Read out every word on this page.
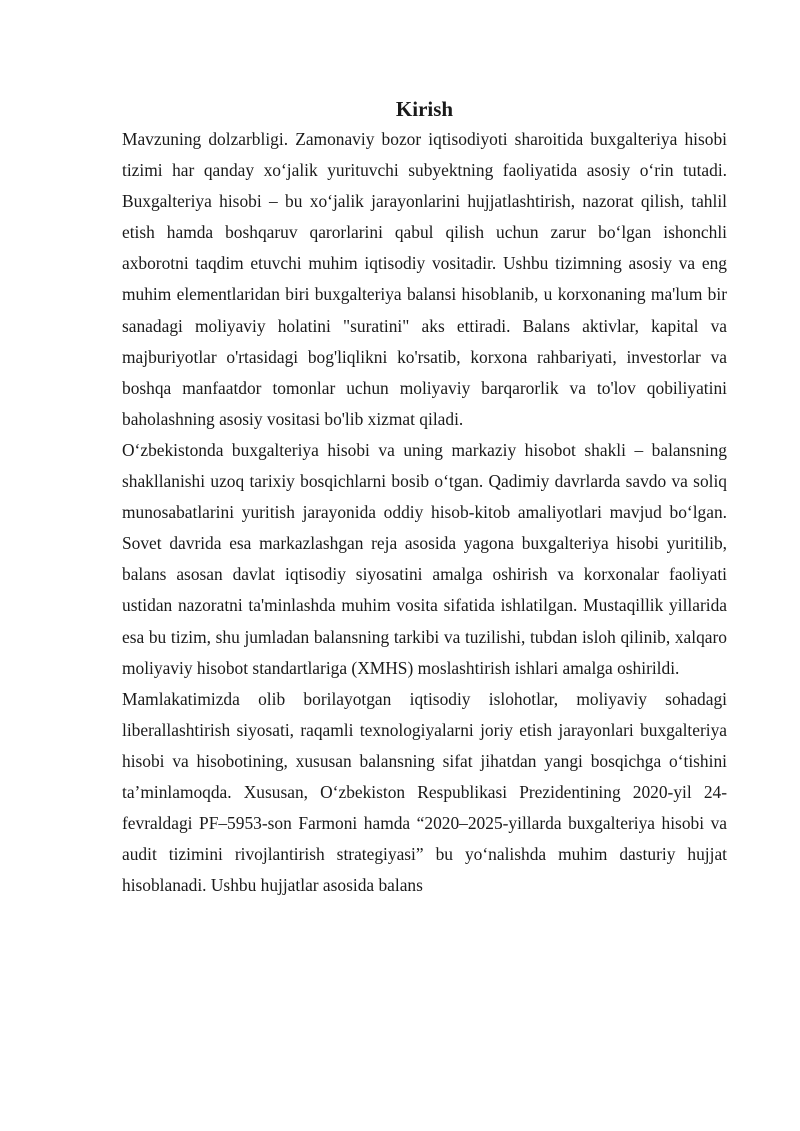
Kirish

Mavzuning dolzarbligi. Zamonaviy bozor iqtisodiyoti sharoitida buxgalteriya hisobi tizimi har qanday xoʻjalik yurituvchi subyektning faoliyatida asosiy oʻrin tutadi. Buxgalteriya hisobi – bu xoʻjalik jarayonlarini hujjatlashtirish, nazorat qilish, tahlil etish hamda boshqaruv qarorlarini qabul qilish uchun zarur boʻlgan ishonchli axborotni taqdim etuvchi muhim iqtisodiy vositadir. Ushbu tizimning asosiy va eng muhim elementlaridan biri buxgalteriya balansi hisoblanib, u korxonaning ma'lum bir sanadagi moliyaviy holatini "suratini" aks ettiradi. Balans aktivlar, kapital va majburiyotlar o'rtasidagi bog'liqlikni ko'rsatib, korxona rahbariyati, investorlar va boshqa manfaatdor tomonlar uchun moliyaviy barqarorlik va to'lov qobiliyatini baholashning asosiy vositasi bo'lib xizmat qiladi.

Oʻzbekistonda buxgalteriya hisobi va uning markaziy hisobot shakli – balansning shakllanishi uzoq tarixiy bosqichlarni bosib oʻtgan. Qadimiy davrlarda savdo va soliq munosabatlarini yuritish jarayonida oddiy hisob-kitob amaliyotlari mavjud boʻlgan. Sovet davrida esa markazlashgan reja asosida yagona buxgalteriya hisobi yuritilib, balans asosan davlat iqtisodiy siyosatini amalga oshirish va korxonalar faoliyati ustidan nazoratni ta'minlashda muhim vosita sifatida ishlatilgan. Mustaqillik yillarida esa bu tizim, shu jumladan balansning tarkibi va tuzilishi, tubdan isloh qilinib, xalqaro moliyaviy hisobot standartlariga (XMHS) moslashtirish ishlari amalga oshirildi.

Mamlakatimizda olib borilayotgan iqtisodiy islohotlar, moliyaviy sohadagi liberallashtirish siyosati, raqamli texnologiyalarni joriy etish jarayonlari buxgalteriya hisobi va hisobotining, xususan balansning sifat jihatdan yangi bosqichga oʻtishini ta’minlamoqda. Xususan, Oʻzbekiston Respublikasi Prezidentining 2020-yil 24-fevraldagi PF–5953-son Farmoni hamda “2020–2025-yillarda buxgalteriya hisobi va audit tizimini rivojlantirish strategiyasi” bu yoʻnalishda muhim dasturiy hujjat hisoblanadi. Ushbu hujjatlar asosida balans
